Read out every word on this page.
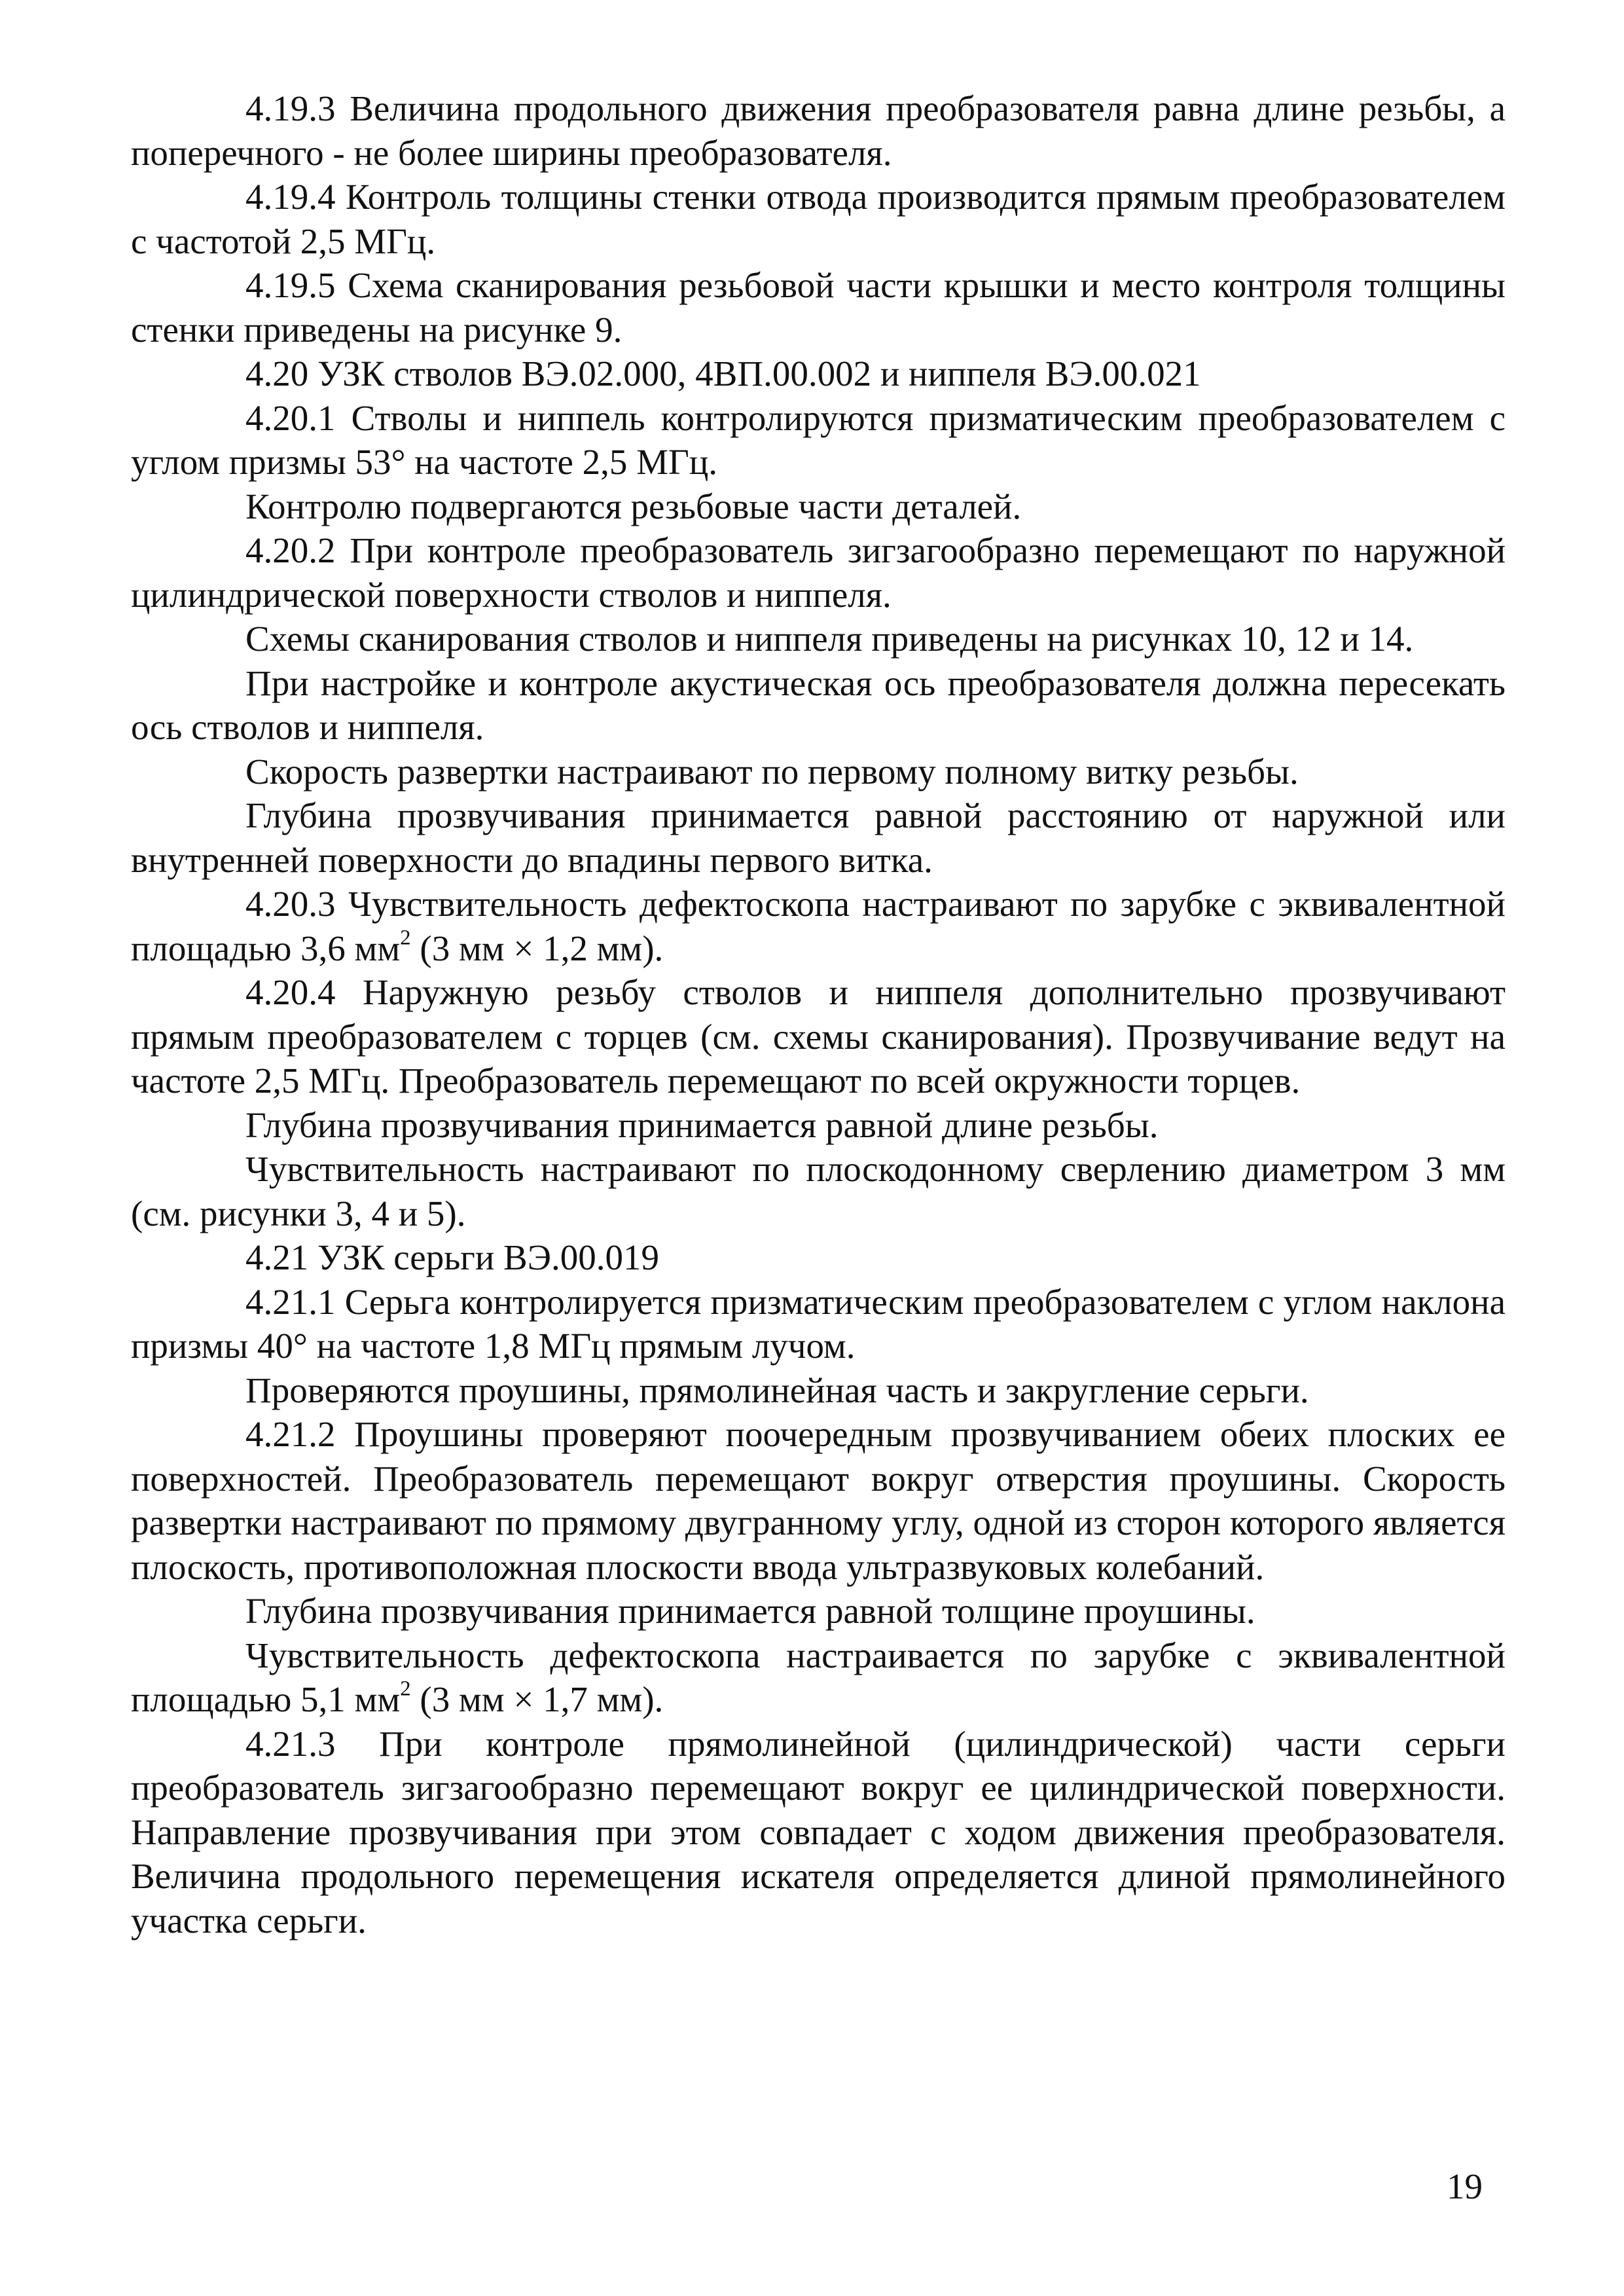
4.19.3 Величина продольного движения преобразователя равна длине резьбы, а поперечного - не более ширины преобразователя.

4.19.4 Контроль толщины стенки отвода производится прямым преобразователем с частотой 2,5 МГц.

4.19.5 Схема сканирования резьбовой части крышки и место контроля толщины стенки приведены на рисунке 9.

4.20 УЗК стволов ВЭ.02.000, 4ВП.00.002 и ниппеля ВЭ.00.021

4.20.1 Стволы и ниппель контролируются призматическим преобразователем с углом призмы 53° на частоте 2,5 МГц.

Контролю подвергаются резьбовые части деталей.

4.20.2 При контроле преобразователь зигзагообразно перемещают по наружной цилиндрической поверхности стволов и ниппеля.

Схемы сканирования стволов и ниппеля приведены на рисунках 10, 12 и 14.

При настройке и контроле акустическая ось преобразователя должна пересекать ось стволов и ниппеля.

Скорость развертки настраивают по первому полному витку резьбы.

Глубина прозвучивания принимается равной расстоянию от наружной или внутренней поверхности до впадины первого витка.

4.20.3 Чувствительность дефектоскопа настраивают по зарубке с эквивалентной площадью 3,6 $мм^2$ (3 мм × 1,2 мм).

4.20.4 Наружную резьбу стволов и ниппеля дополнительно прозвучивают прямым преобразователем с торцев (см. схемы сканирования). Прозвучивание ведут на частоте 2,5 МГц. Преобразователь перемещают по всей окружности торцев.

Глубина прозвучивания принимается равной длине резьбы.

Чувствительность настраивают по плоскодонному сверлению диаметром 3 мм (см. рисунки 3, 4 и 5).

4.21 УЗК серьги ВЭ.00.019

4.21.1 Серьга контролируется призматическим преобразователем с углом наклона призмы 40° на частоте 1,8 МГц прямым лучом.

Проверяются проушины, прямолинейная часть и закругление серьги.

4.21.2 Проушины проверяют поочередным прозвучиванием обеих плоских ее поверхностей. Преобразователь перемещают вокруг отверстия проушины. Скорость развертки настраивают по прямому двугранному углу, одной из сторон которого является плоскость, противоположная плоскости ввода ультразвуковых колебаний.

Глубина прозвучивания принимается равной толщине проушины.

Чувствительность дефектоскопа настраивается по зарубке с эквивалентной площадью 5,1 $мм^2$ (3 мм × 1,7 мм).

4.21.3 При контроле прямолинейной (цилиндрической) части серьги преобразователь зигзагообразно перемещают вокруг ее цилиндрической поверхности. Направление прозвучивания при этом совпадает с ходом движения преобразователя. Величина продольного перемещения искателя определяется длиной прямолинейного участка серьги.

19
